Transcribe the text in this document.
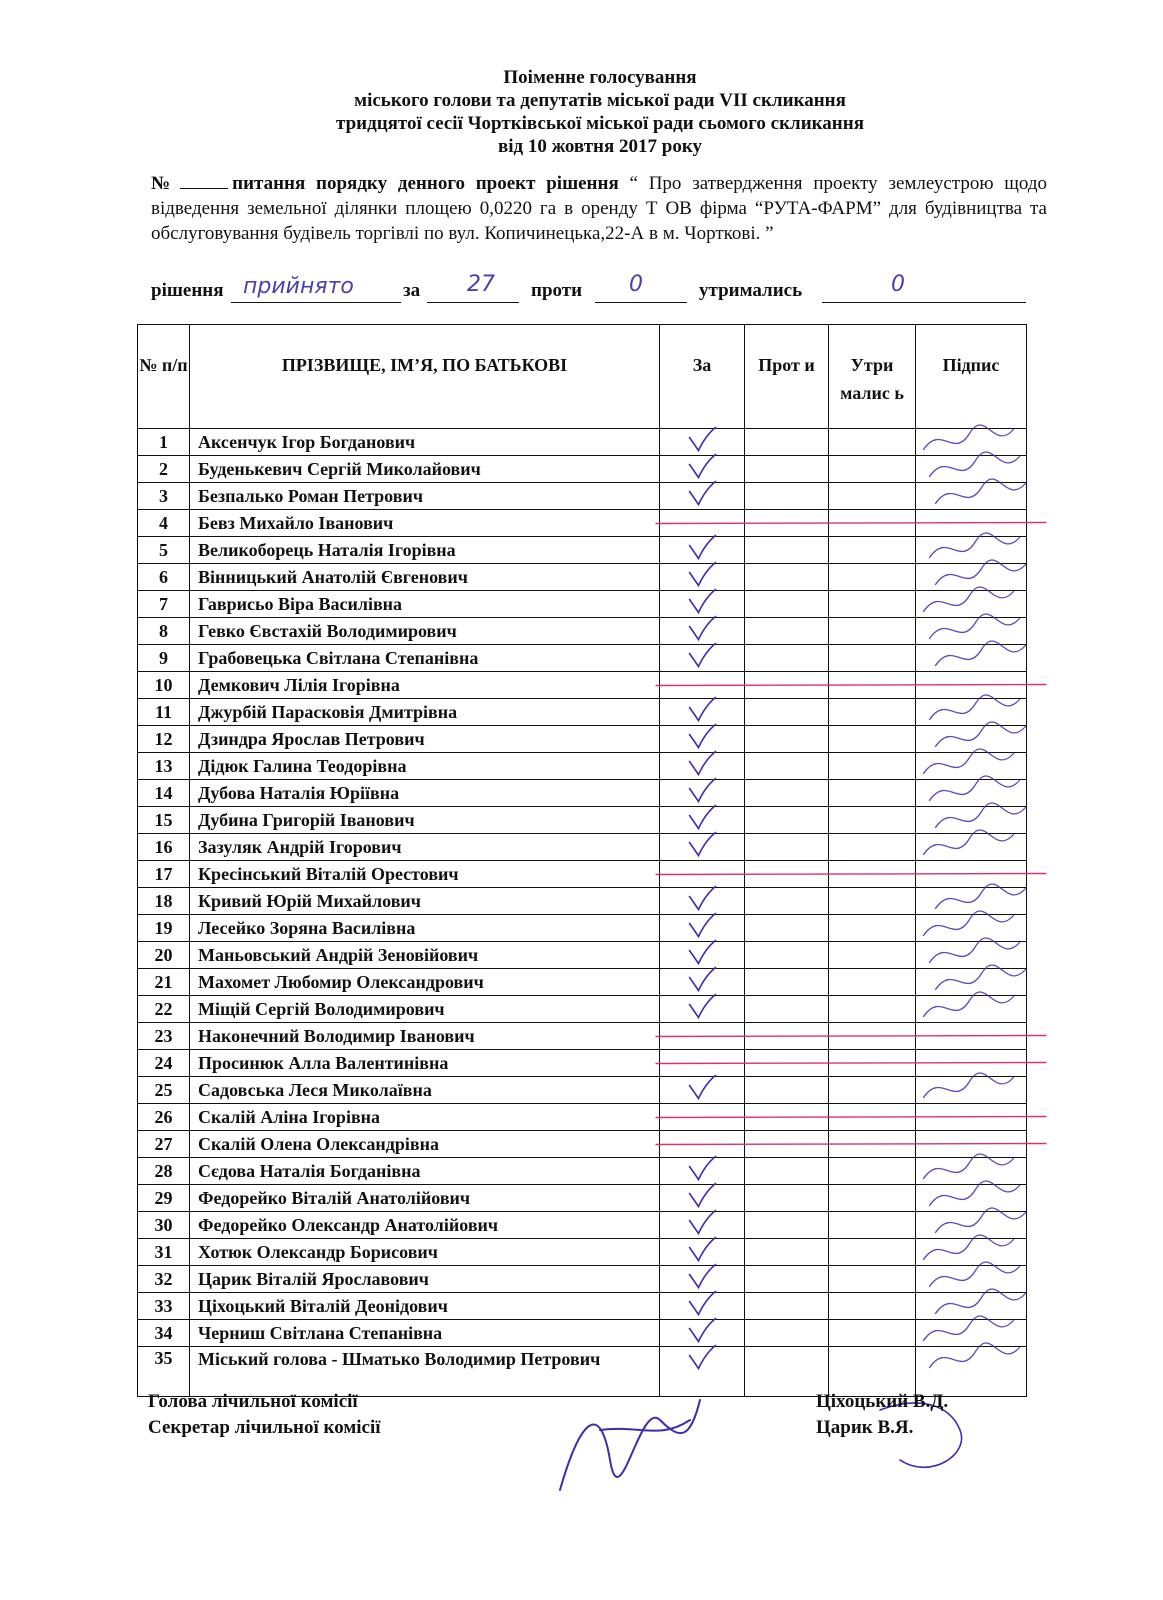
Поіменне голосування
міського голови та депутатів міської ради VІІ скликання
тридцятої сесії Чортківської міської ради сьомого скликання
від 10 жовтня 2017 року
№	питання порядку денного проект рішення “ Про затвердження проекту землеустрою щодо відведення земельної ділянки площею 0,0220 га в оренду Т ОВ фірма “РУТА-ФАРМ” для будівництва та обслуговування будівель торгівлі по вул. Копичинецька,22-А в м. Чорткові. ”
рішення прийнято	за 27 проти 0	утримались	0
№ п/п	ПРІЗВИЩЕ, ІМ’Я, ПО БАТЬКОВІ	За	Прот и	Утри малис ь	Підпис
1	Аксенчук Ігор Богданович				
2	Буденькевич Сергій Миколайович				
3	Безпалько Роман Петрович				
4	Бевз Михайло Іванович				
5	Великоборець Наталія Ігорівна				
6	Вінницький Анатолій Євгенович				
7	Гаврисьо Віра Василівна				
8	Гевко Євстахій Володимирович				
9	Грабовецька Світлана Степанівна				
10	Демкович Лілія Ігорівна				
11	Джурбій Парасковія Дмитрівна				
12	Дзиндра Ярослав Петрович				
13	Дідюк Галина Теодорівна				
14	Дубова Наталія Юріївна				
15	Дубина Григорій Іванович				
16	Зазуляк Андрій Ігорович				
17	Кресінський Віталій Орестович				
18	Кривий Юрій Михайлович				
19	Лесейко Зоряна Василівна				
20	Маньовський Андрій Зеновійович				
21	Махомет Любомир Олександрович				
22	Міщій Сергій Володимирович				
23	Наконечний Володимир Іванович				
24	Просинюк Алла Валентинівна				
25	Садовська Леся Миколаївна				
26	Скалій Аліна Ігорівна				
27	Скалій Олена Олександрівна				
28	Сєдова Наталія Богданівна				
29	Федорейко Віталій Анатолійович				
30	Федорейко Олександр Анатолійович				
31	Хотюк Олександр Борисович				
32	Царик Віталій Ярославович				
33	Ціхоцький Віталій Деонідович				
34	Черниш Світлана Степанівна				
35	Міський голова - Шматько Володимир Петрович				
Голова лічильної комісії	Ціхоцький В.Д.
Секретар лічильної комісії	Царик В.Я.
